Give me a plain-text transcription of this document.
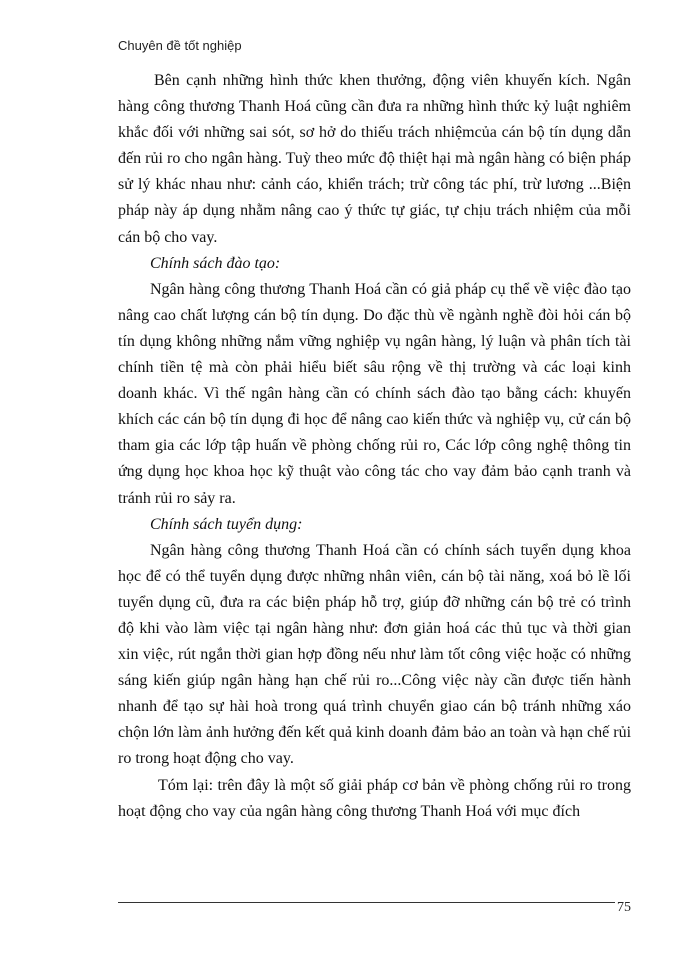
Chuyên đề tốt nghiệp

Bên cạnh những hình thức khen thưởng, động viên khuyến kích. Ngân hàng công thương Thanh Hoá cũng cần đưa ra những hình thức kỷ luật nghiêm khắc đối với những sai sót, sơ hở do thiếu trách nhiệmcủa cán bộ tín dụng dẫn đến rủi ro cho ngân hàng. Tuỳ theo mức độ thiệt hại mà ngân hàng có biện pháp sử lý khác nhau như: cảnh cáo, khiển trách; trừ công tác phí, trừ lương ...Biện pháp này áp dụng nhằm nâng cao ý thức tự giác, tự chịu trách nhiệm của mỗi cán bộ cho vay.

Chính sách đào tạo:

Ngân hàng công thương Thanh Hoá cần có giả pháp cụ thể về việc đào tạo nâng cao chất lượng cán bộ tín dụng. Do đặc thù về ngành nghề đòi hỏi cán bộ tín dụng không những nắm vững nghiệp vụ ngân hàng, lý luận và phân tích tài chính tiền tệ mà còn phải hiểu biết sâu rộng về thị trường và các loại kinh doanh khác. Vì thế ngân hàng cần có chính sách đào tạo bằng cách: khuyến khích các cán bộ tín dụng đi học để nâng cao kiến thức và nghiệp vụ, cử cán bộ tham gia các lớp tập huấn về phòng chống rủi ro, Các lớp công nghệ thông tin ứng dụng học khoa học kỹ thuật vào công tác cho vay đảm bảo cạnh tranh và tránh rủi ro sảy ra.

Chính sách tuyển dụng:

Ngân hàng công thương Thanh Hoá cần có chính sách tuyển dụng khoa học để có thể tuyển dụng được những nhân viên, cán bộ tài năng, xoá bỏ lề lối tuyển dụng cũ, đưa ra các biện pháp hỗ trợ, giúp đỡ những cán bộ trẻ có trình độ khi vào làm việc tại ngân hàng như: đơn giản hoá các thủ tục và thời gian xin việc, rút ngắn thời gian hợp đồng nếu như làm tốt công việc hoặc có những sáng kiến giúp ngân hàng hạn chế rủi ro...Công việc này cần được tiến hành nhanh để tạo sự hài hoà trong quá trình chuyển giao cán bộ tránh những xáo chộn lớn làm ảnh hưởng đến kết quả kinh doanh đảm bảo an toàn và hạn chế rủi ro trong hoạt động cho vay.

Tóm lại: trên đây là một số giải pháp cơ bản về phòng chống rủi ro trong hoạt động cho vay của ngân hàng công thương Thanh Hoá với mục đích

75
